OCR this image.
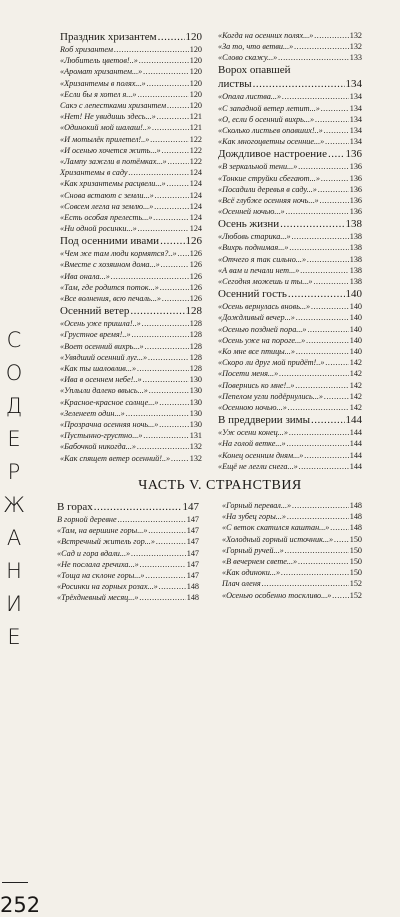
Праздник хризантем .....	120
Roб хризантем .....	120
«Любитель цветов!..» .....	120
«Аромат хризантем...» .....	120
«Хризантемы в полях...» .....	120
«Если бы я хотел я...» .....	120
Сакэ с лепестками хризантем .....	120
«Нет! Не увидишь здесь...» .....	121
«Одинокий мой шалаш!..» .....	121
«И мотылёк прилетел!..» .....	122
«И осенью хочется жить...» .....	122
«Лампу зажгли в потёмках...» .....	122
Хризантемы в саду .....	124
«Как хризантемы расцвели...» .....	124
«Снова встают с земли...» .....	124
«Совсем легла на землю...» .....	124
«Есть особая прелесть...» .....	124
«Ни одной росинки...» .....	124
Под осенними ивами ..... 126
«Чем же там люди кормятся?..» ..... 126
«Вместе с хозяином дома...» .....	126
«Ива оналa...» .....	126
«Там, где родится поток...» .....	126
«Все волнения, всю печаль...» .....	126
Осенний ветер .....	128
«Осень уже пришла!..» .....	128
«Грустное время!..» .....	128
«Воет осенний вихрь...» .....	128
«Увядший осенний луг...» .....	128
«Как ты шаловлив...» .....	128
«Ива в осеннем небе!..» .....	130
«Уплыли далеко ввысь...» .....	130
«Красное-красное солнце...» .....	130
«Зеленеет один...» .....	130
«Прозрачна осенняя ночь...» .....	130
«Пустынно-грустно...» .....	131
«Бабочкой никогда...» .....	132
«Как спящет ветер осенний!..» ..... 132
«Когда на осенних полях...» .....	132
«За то, что ветви...» .....	132
«Слово скажу...» .....	133
Ворох опавшей
листвы .....	134
«Опала листва...» .....	134
«С западной ветер летит...» .....	134
«О, если б осенний вихрь...» .....	134
«Сколько листьев опавших!..» .....	134
«Как многоцветны осенние...» .....	134
Дождливое настроение ..... 136
«В зеркальной тени...» .....	136
«Тонкие струйки сбегают...» .....	136
«Посадили деревья в саду...» .....	136
«Всё глубже осенняя ночь...» .....	136
«Осенней ночью...» .....	136
Осень жизни .....	138
«Любовь старика...» .....	138
«Вихрь поднимая...» .....	138
«Отчего я так сильно...» .....	138
«А вам и печали нет...» .....	138
«Сегодня можешь и ты...» .....	138
Осенний гость .....	140
«Осень вернулась вновь...» .....	140
«Дождливый вечер...» .....	140
«Осенью поздней пора...» .....	140
«Осень уже на пороге...» .....	140
«Ко мне все птицы...» .....	140
«Скоро ли друг мой придёт!..» .....	142
«Посети меня...» .....	142
«Повернись ко мне!..» .....	142
«Пепелом угли подёрнулись...» .....	142
«Осенною ночью...» .....	142
В преддверии зимы .....	144
«Уж осени конец...» .....	144
«На голой ветке...» .....	144
«Конец осенним дням...» .....	144
«Ещё не легли снега...» .....	144
ЧАСТЬ V. СТРАНСТВИЯ
В горах .....	147
В горной деревне .....	147
«Там, на вершине горы...» .....	147
«Встречный житель гор...» .....	147
«Сад и гора вдали...» .....	147
«Не послала гречиха...» .....	147
«Тоща на склоне горы...» .....	147
«Росинки на горных розах...» .....	148
«Трёхдневный месяц...» .....	148
«Горный перевал...» .....	148
«На зубец горы...» .....	148
«С веток скатился каштан...» ..... 148
«Холодный горный источник...» ..... 150
«Горный ручей...» .....	150
«В вечернем свете...» .....	150
«Как одиноки...» .....	150
Плач оленя .....	152
«Осенью особенно тоскливо...» ..... 152
С
О
Д
Е
Р
Ж
А
Н
И
Е
252
